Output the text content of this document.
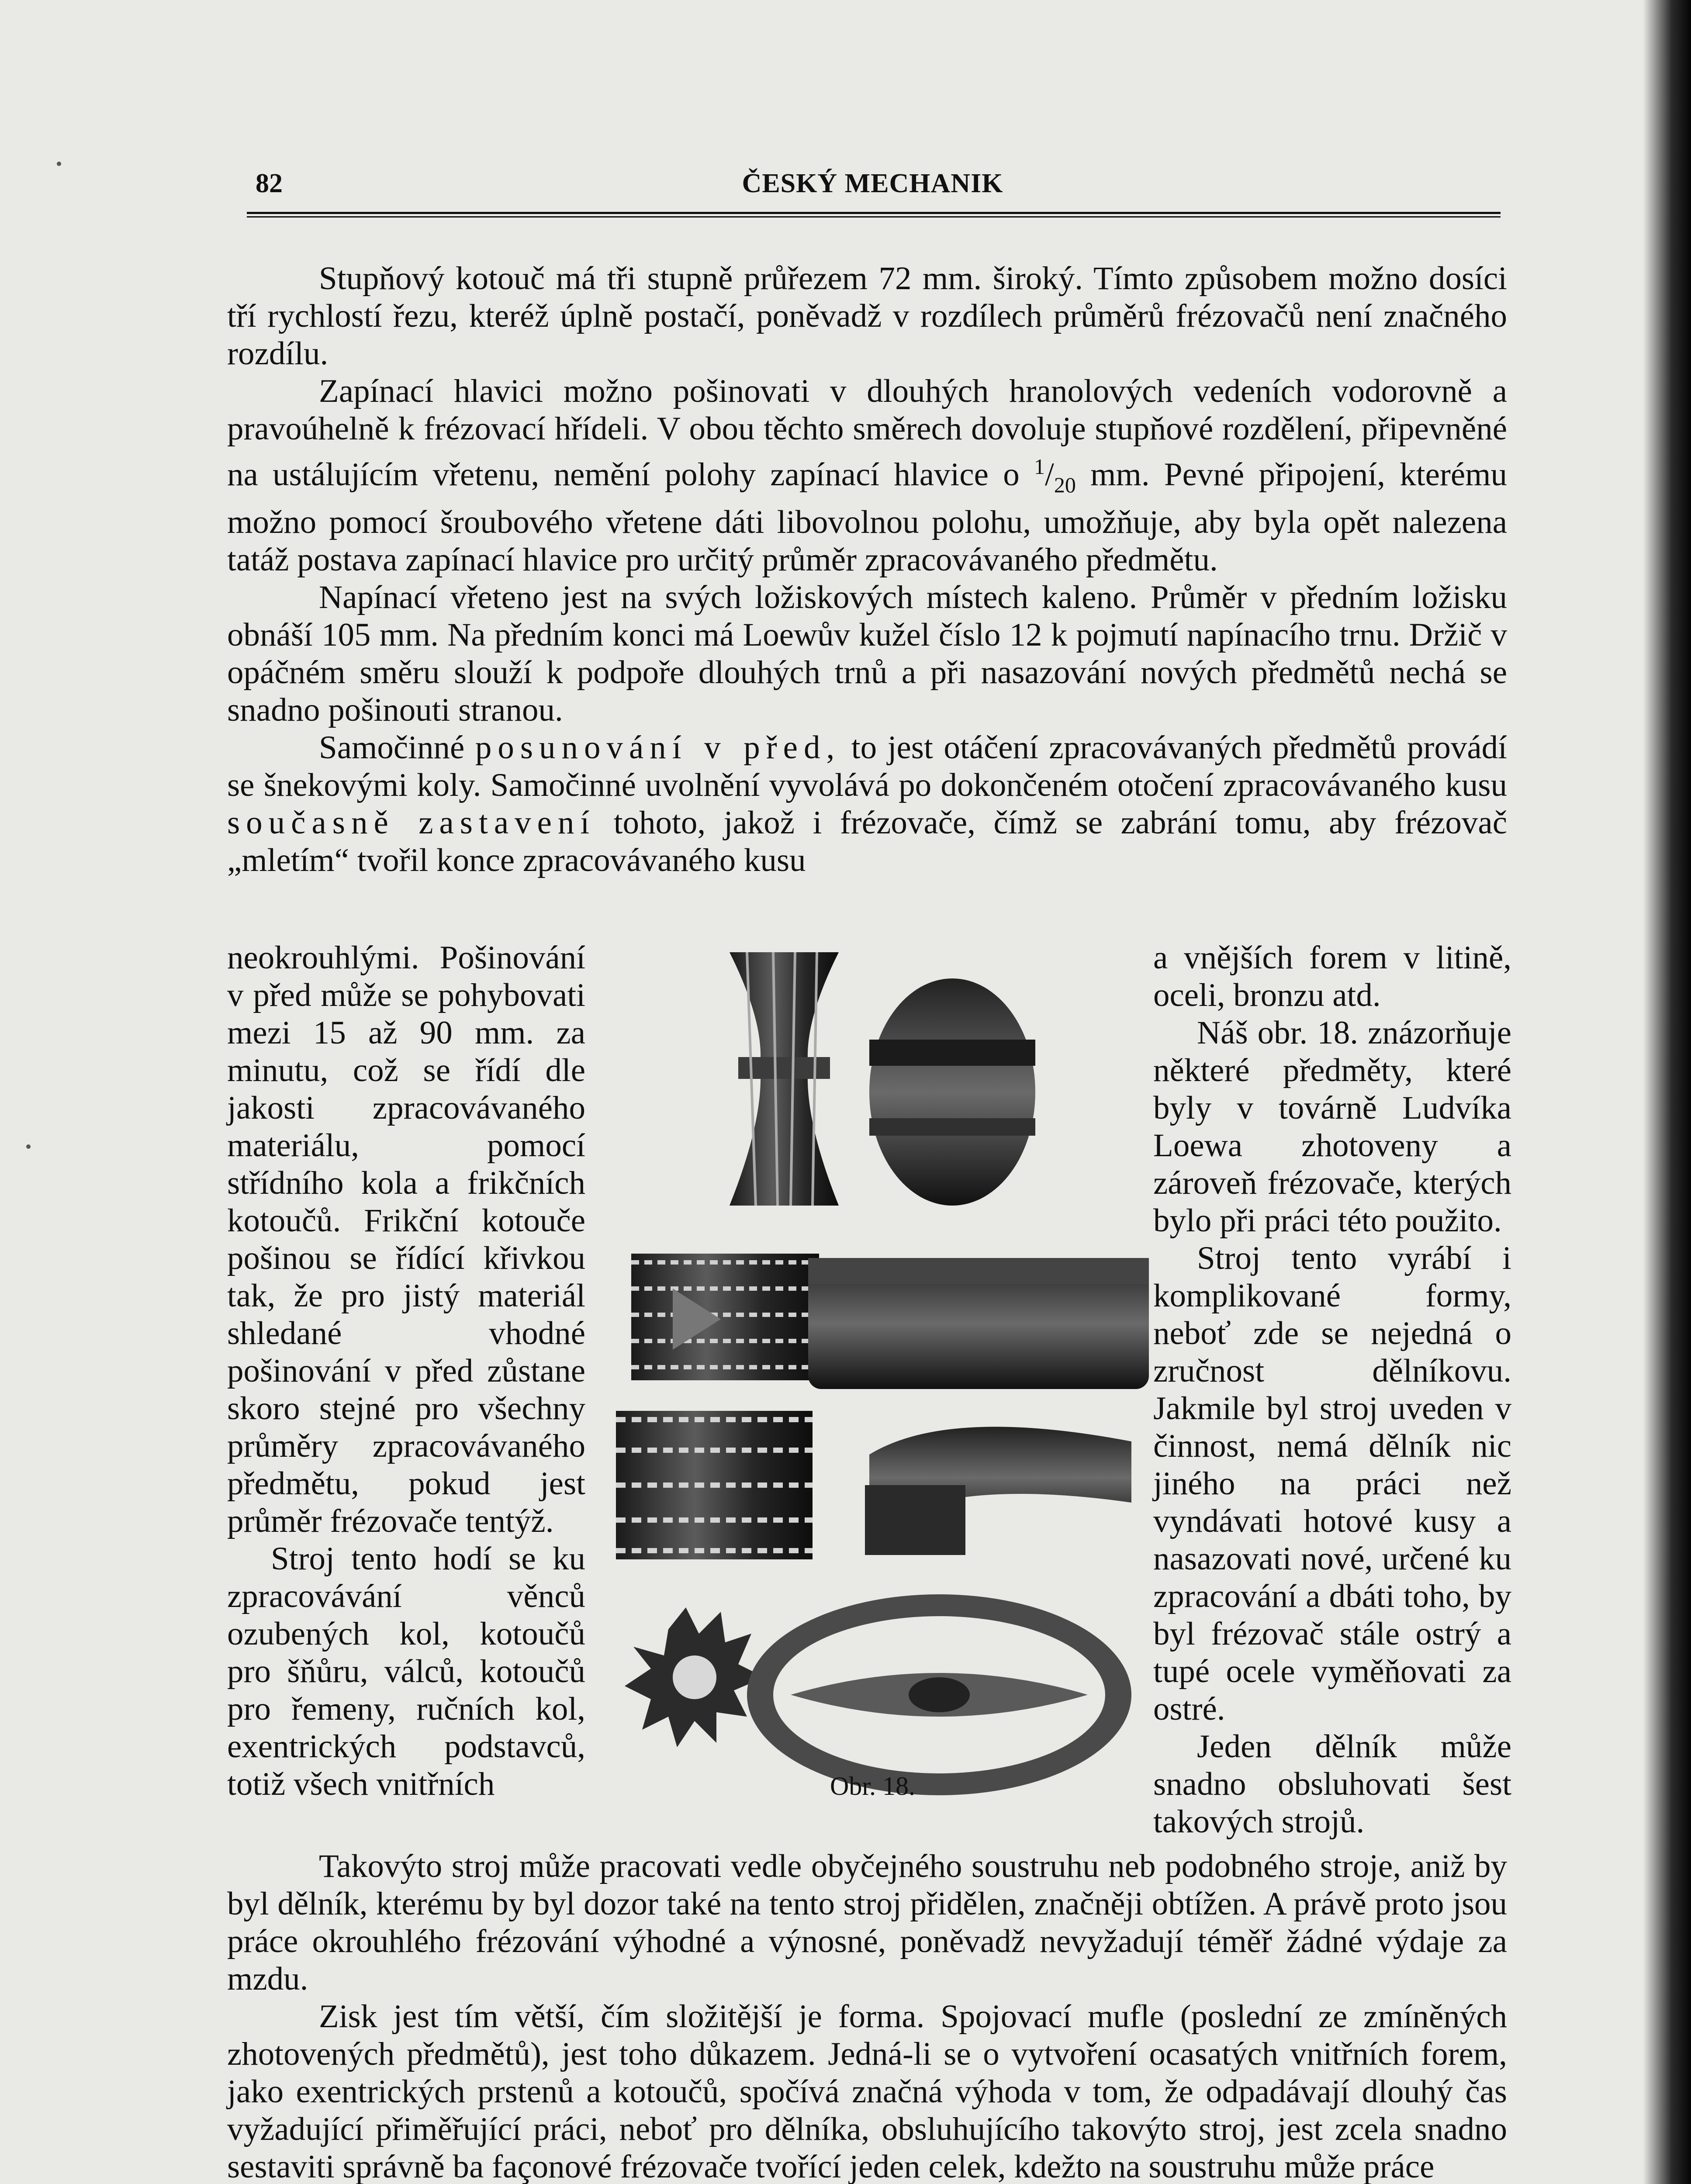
82	ČESKÝ MECHANIK

Stupňový kotouč má tři stupně průřezem 72 mm. široký. Tímto způsobem možno dosíci tří rychlostí řezu, kteréž úplně postačí, poněvadž v rozdílech průměrů frézovačů není značného rozdílu.

Zapínací hlavici možno pošinovati v dlouhých hranolových vedeních vodorovně a pravoúhelně k frézovací hřídeli. V obou těchto směrech dovoluje stupňové rozdělení, připevněné na ustálujícím vřetenu, nemění polohy zapínací hlavice o $^1/_{20}$ mm. Pevné připojení, kterému možno pomocí šroubového vřetene dáti libovolnou polohu, umožňuje, aby byla opět nalezena tatáž postava zapínací hlavice pro určitý průměr zpracovávaného předmětu.

Napínací vřeteno jest na svých ložiskových místech kaleno. Průměr v předním ložisku obnáší 105 mm. Na předním konci má Loewův kužel číslo 12 k pojmutí napínacího trnu. Držič v opáčném směru slouží k podpoře dlouhých trnů a při nasazování nových předmětů nechá se snadno pošinouti stranou.

Samočinné posunování v před, to jest otáčení zpracovávaných předmětů provádí se šnekovými koly. Samočinné uvolnění vyvolává po dokončeném otočení zpracovávaného kusu současně zastavení tohoto, jakož i frézovače, čímž se zabrání tomu, aby frézovač „mletím“ tvořil konce zpracovávaného kusu

neokrouhlými. Pošinování v před může se pohybovati mezi 15 až 90 mm. za minutu, což se řídí dle jakosti zpracovávaného materiálu, pomocí střídního kola a frikčních kotoučů. Frikční kotouče pošinou se řídící křivkou tak, že pro jistý materiál shledané vhodné pošinování v před zůstane skoro stejné pro všechny průměry zpracovávaného předmětu, pokud jest průměr frézovače tentýž.

Stroj tento hodí se ku zpracovávání věnců ozubených kol, kotoučů pro šňůru, válců, kotoučů pro řemeny, ručních kol, exentrických podstavců, totiž všech vnitřních	Obr. 18.

a vnějších forem v litině, oceli, bronzu atd.

Náš obr. 18. znázorňuje některé předměty, které byly v továrně Ludvíka Loewa zhotoveny a zároveň frézovače, kterých bylo při práci této použito.

Stroj tento vyrábí i komplikované formy, neboť zde se nejedná o zručnost dělníkovu. Jakmile byl stroj uveden v činnost, nemá dělník nic jiného na práci než vyndávati hotové kusy a nasazovati nové, určené ku zpracování a dbáti toho, by byl frézovač stále ostrý a tupé ocele vyměňovati za ostré.

Jeden dělník může snadno obsluhovati šest takových strojů.

Takovýto stroj může pracovati vedle obyčejného soustruhu neb podobného stroje, aniž by byl dělník, kterému by byl dozor také na tento stroj přidělen, značněji obtížen. A právě proto jsou práce okrouhlého frézování výhodné a výnosné, poněvadž nevyžadují téměř žádné výdaje za mzdu.

Zisk jest tím větší, čím složitější je forma. Spojovací mufle (poslední ze zmíněných zhotovených předmětů), jest toho důkazem. Jedná-li se o vytvoření ocasatých vnitřních forem, jako exentrických prstenů a kotoučů, spočívá značná výhoda v tom, že odpadávají dlouhý čas vyžadující přiměřující práci, neboť pro dělníka, obsluhujícího takovýto stroj, jest zcela snadno sestaviti správně ba façonové frézovače tvořící jeden celek, kdežto na soustruhu může práce
